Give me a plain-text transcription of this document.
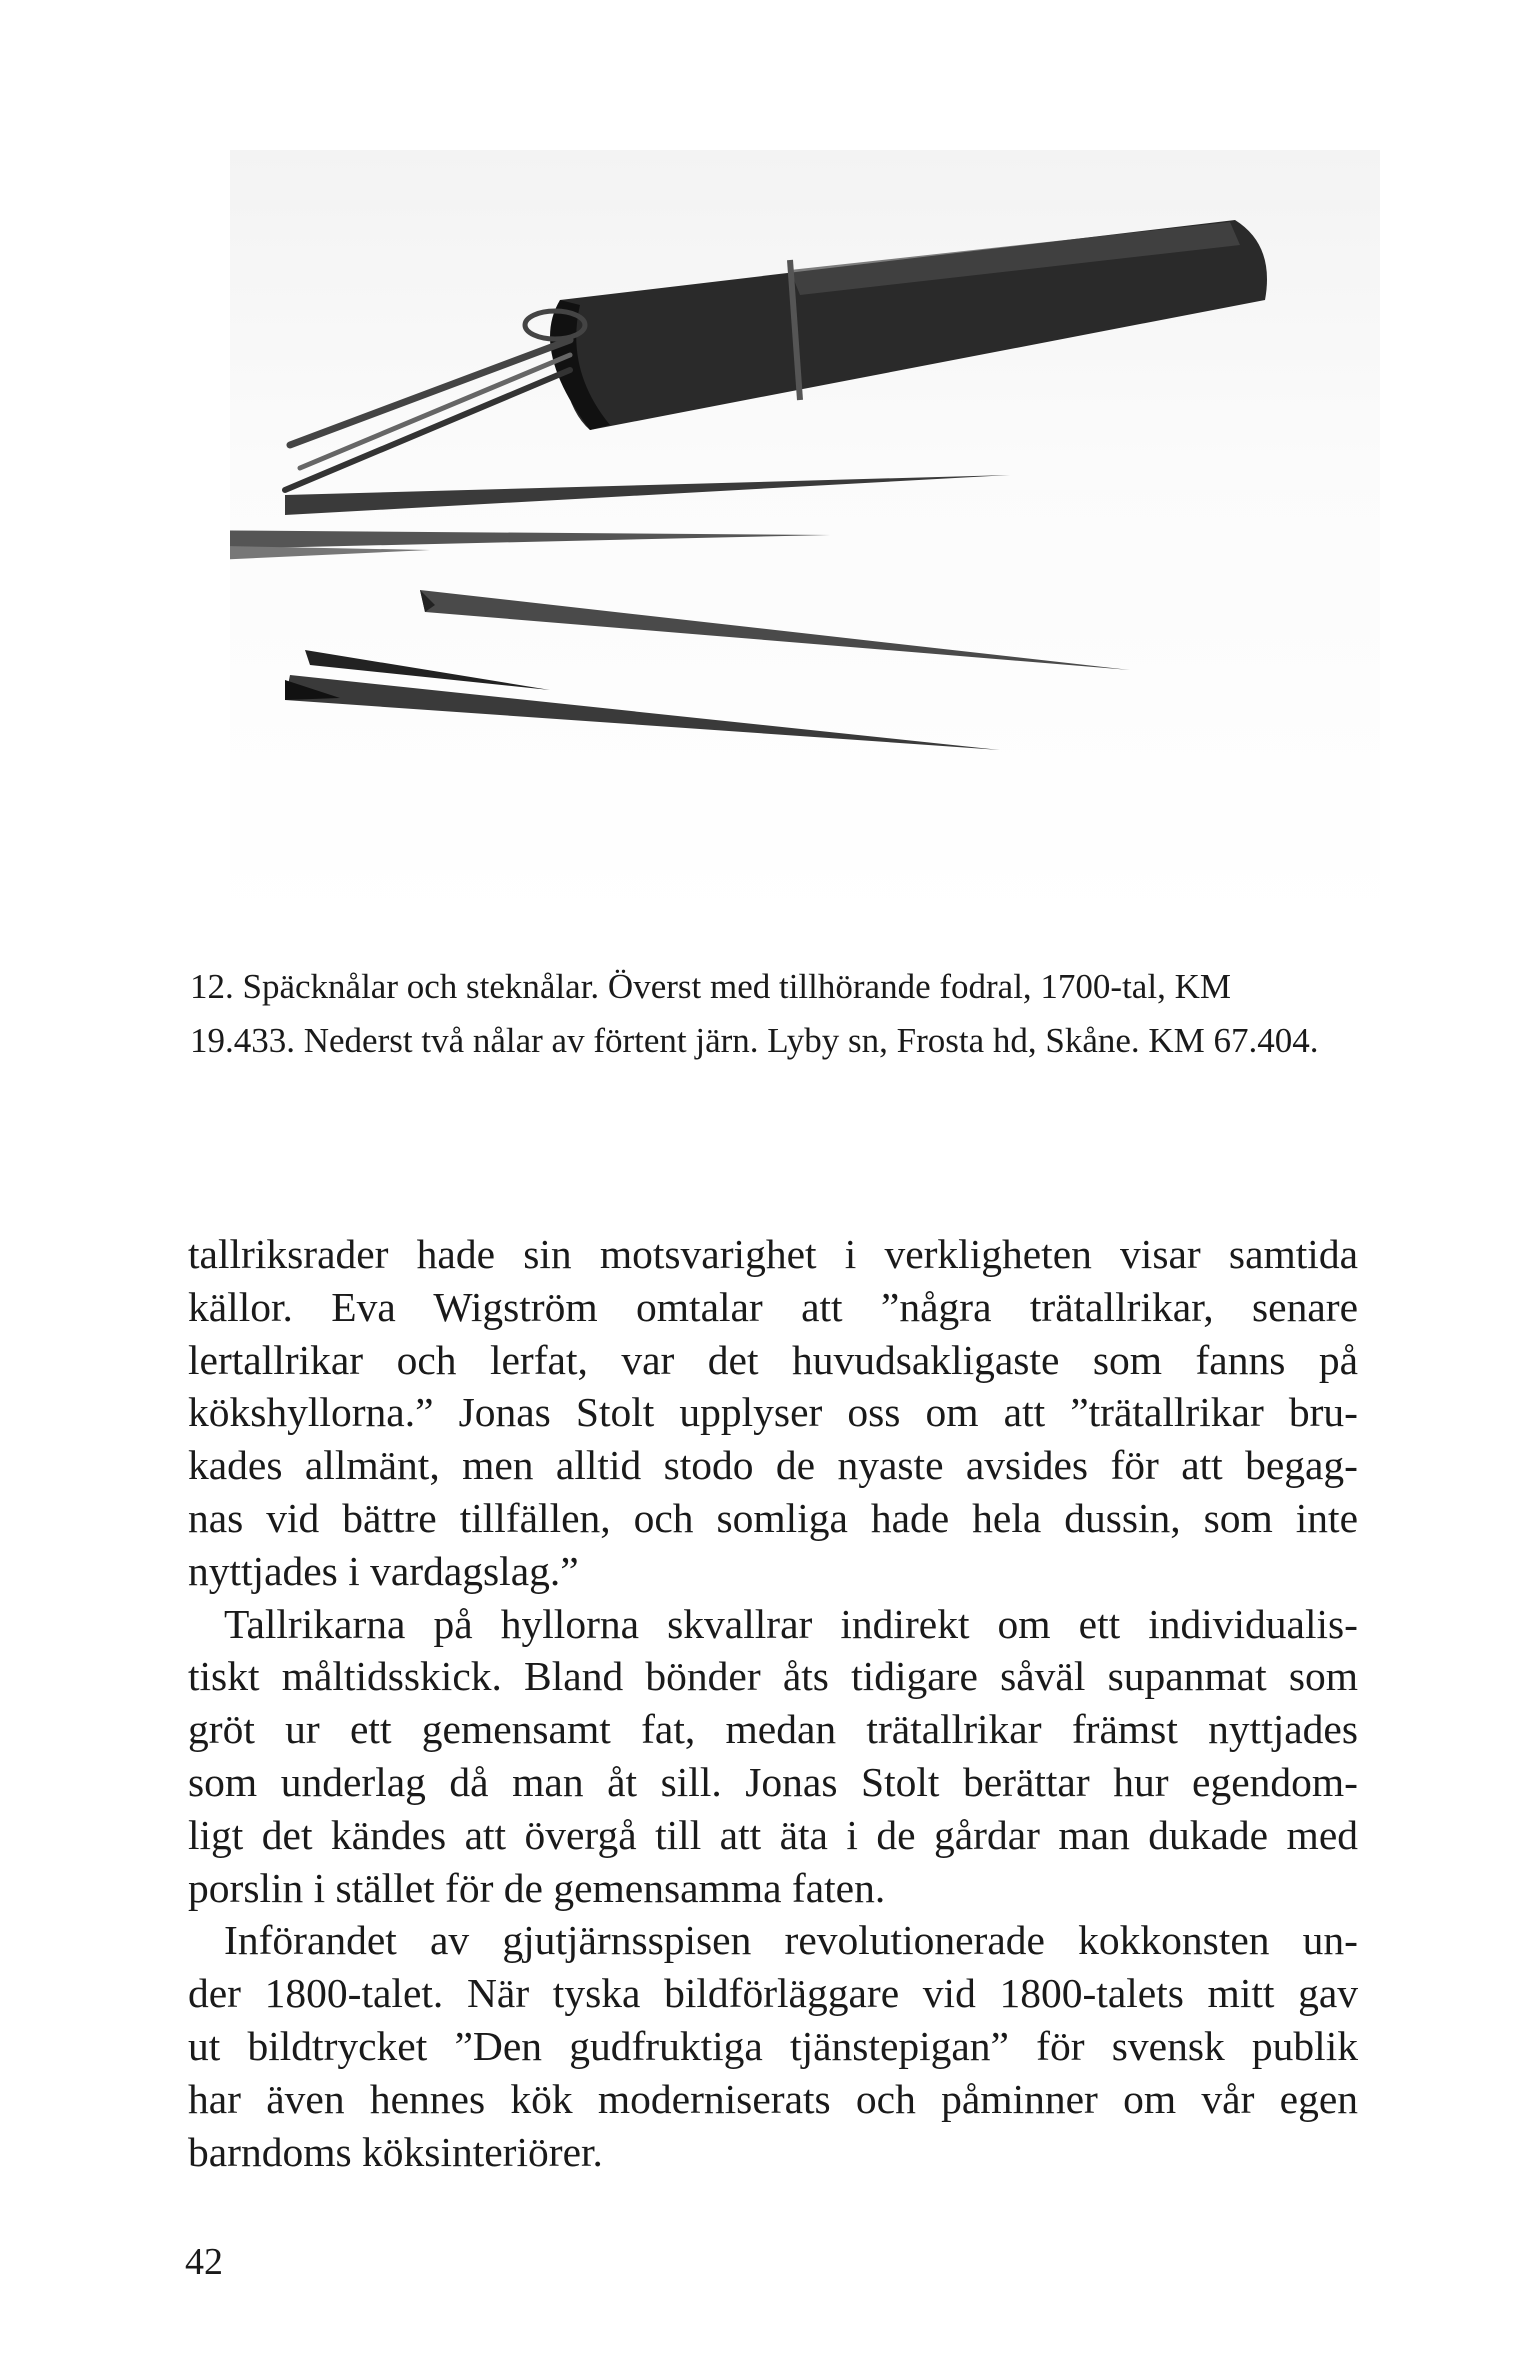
12. Späcknålar och steknålar. Överst med tillhörande fodral, 1700-tal, KM
19.433. Nederst två nålar av förtent järn. Lyby sn, Frosta hd, Skåne. KM 67.404.

tallriksrader hade sin motsvarighet i verkligheten visar samtida
källor. Eva Wigström omtalar att ”några trätallrikar, senare
lertallrikar och lerfat, var det huvudsakligaste som fanns på
kökshyllorna.” Jonas Stolt upplyser oss om att ”trätallrikar bru-
kades allmänt, men alltid stodo de nyaste avsides för att begag-
nas vid bättre tillfällen, och somliga hade hela dussin, som inte
nyttjades i vardagslag.”

Tallrikarna på hyllorna skvallrar indirekt om ett individualis-
tiskt måltidsskick. Bland bönder åts tidigare såväl supanmat som
gröt ur ett gemensamt fat, medan trätallrikar främst nyttjades
som underlag då man åt sill. Jonas Stolt berättar hur egendom-
ligt det kändes att övergå till att äta i de gårdar man dukade med
porslin i stället för de gemensamma faten.

Införandet av gjutjärnsspisen revolutionerade kokkonsten un-
der 1800-talet. När tyska bildförläggare vid 1800-talets mitt gav
ut bildtrycket ”Den gudfruktiga tjänstepigan” för svensk publik
har även hennes kök moderniserats och påminner om vår egen
barndoms köksinteriörer.

42
